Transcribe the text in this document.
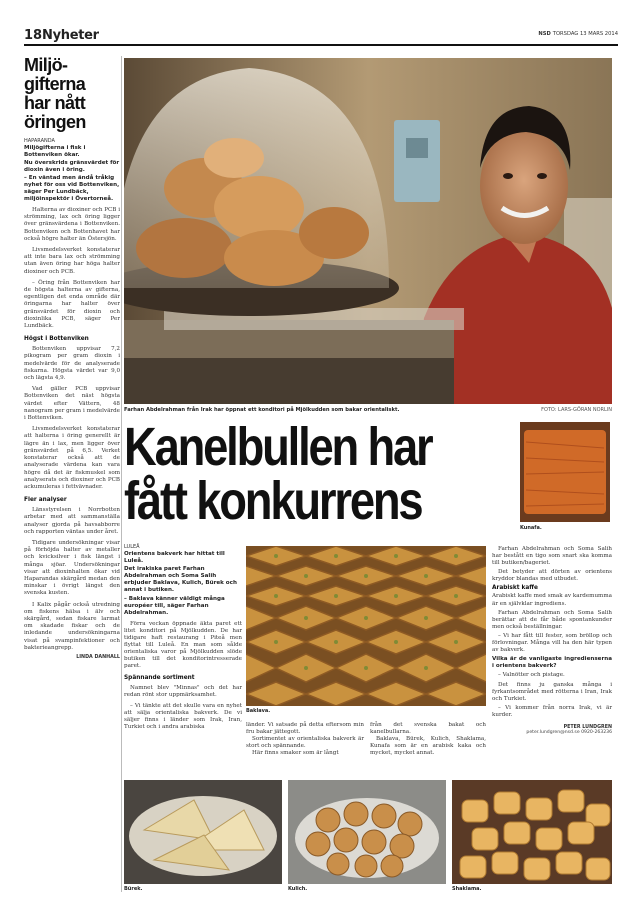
18 Nyheter	NSD TORSDAG 13 MARS 2014
Miljö-
gifterna
har nått
öringen
HAPARANDA

Miljögifterna i fisk i Bottenviken ökar.

Nu överskrids gränsvärdet för dioxin även i öring.

– En väntad men ändå tråkig nyhet för oss vid Bottenviken, säger Per Lundbäck, miljöinspektör i Övertorneå.

Halterna av dioxiner och PCB i strömming, lax och öring ligger över gränsvärdena i Bottenviken. Bottenviken och Bottenhavet har också högre halter än Östersjön.

Livsmedelsverket konstaterar att inte bara lax och strömming utan även öring har höga halter dioxiner och PCB.

– Öring från Bottenviken har de högsta halterna av gifterna, egentligen det enda område där öringarna har halter över gränsvärdet för dioxin och dioxinlika PCB, säger Per Lundbäck.

Högst i Bottenviken

Bottenviken uppvisar 7,2 pikogram per gram dioxin i medelvärde för de analyserade fiskarna. Högsta värdet var 9,0 och lägsta 4,9.

Vad gäller PCB uppvisar Bottenviken det näst högsta värdet efter Vättern, 48 nanogram per gram i medelvärde i Bottenviken.

Livsmedelsverket konstaterar att halterna i öring generellt är lägre än i lax, men ligger över gränsvärdet på 6,5. Verket konstaterar också att de analyserade värdena kan vara högre då det är fiskmuskel som analyserats och dioxiner och PCB ackumuleras i fettvävnader.

Fler analyser

Länsstyrelsen i Norrbotten arbetar med att sammanställa analyser gjorda på havsabborre och rapporten väntas under året.

Tidigare undersökningar visar på förhöjda halter av metaller och kvicksilver i fisk längst i många sjöar. Undersökningar visar att dioxinhalten ökar vid Haparandas skärgård medan den minskar i övrigt längst den svenska kusten.

I Kalix pågår också utredning om fiskens hälsa i älv och skärgård, sedan fiskare larmat om skadade fiskar och de inledande undersökningarna visat på svampinfektioner och bakterieangrepp.

LINDA DANHALL
Farhan Abdelrahman från Irak har öppnat ett konditori på Mjölkudden som bakar orientaliskt.	FOTO: LARS-GÖRAN NORLIN
Kanelbullen har
fått konkurrens	Kunafa.
LULEÅ

Orientens bakverk har hittat till Luleå.

Det irakiska paret Farhan Abdelrahman och Soma Salih erbjuder Baklava, Kulich, Bürek och annat i butiken.

– Baklava känner väldigt många européer till, säger Farhan Abdelrahman.

Förra veckan öppnade äkta paret ett litet konditori på Mjölkudden. De har tidigare haft restaurang i Piteå men flyttat till Luleå. En man som sålde orientaliska varor på Mjölkudden slöde butiken till det konditorintresserade paret.

Spännande sortiment

Namnet blev "Minnas" och det har redan rönt stor uppmärksamhet.

– Vi tänkte att det skulle vara en nyhet att sälja orientaliska bakverk. De vi säljer finns i länder som Irak, Iran, Turkiet och i andra arabiska

Baklava.

länder. Vi satsade på detta eftersom min fru bakar jättegott.

Sortimentet av orientaliska bakverk är stort och spännande.

Här finns smaker som är långt

från det svenska bakat och kanelbullarna.

Baklava, Bürek, Kulich, Shaklama, Kunafa som är en arabisk kaka och mycket, mycket annat.

Farhan Abdelrahman och Soma Salih har bestått en tigo som snart ska komma till butiken/bageriet.

Det betyder att dörten av orientens kryddor blandas med utbudet.

Arabiskt kaffe

Arabiskt kaffe med smak av kardemumma är en självklar ingrediens.

Farhan Abdelrahman och Soma Salih berättar att de får både spontankunder men också beställningar.

– Vi har fått till fester, som bröllop och förlovningar. Många vill ha den här typen av bakverk.

Vilka är de vanligaste ingredienserna i orientens bakverk?

– Valnötter och pistage.

Det finns ju ganska många i fyrkantsområdet med rötterna i Iran, Irak och Turkiet.

– Vi kommer från norra Irak, vi är kurder.

PETER LUNDGREN
peter.lundgren@nsd.se 0920-263236
Bürek.	Kulich.	Shaklama.
